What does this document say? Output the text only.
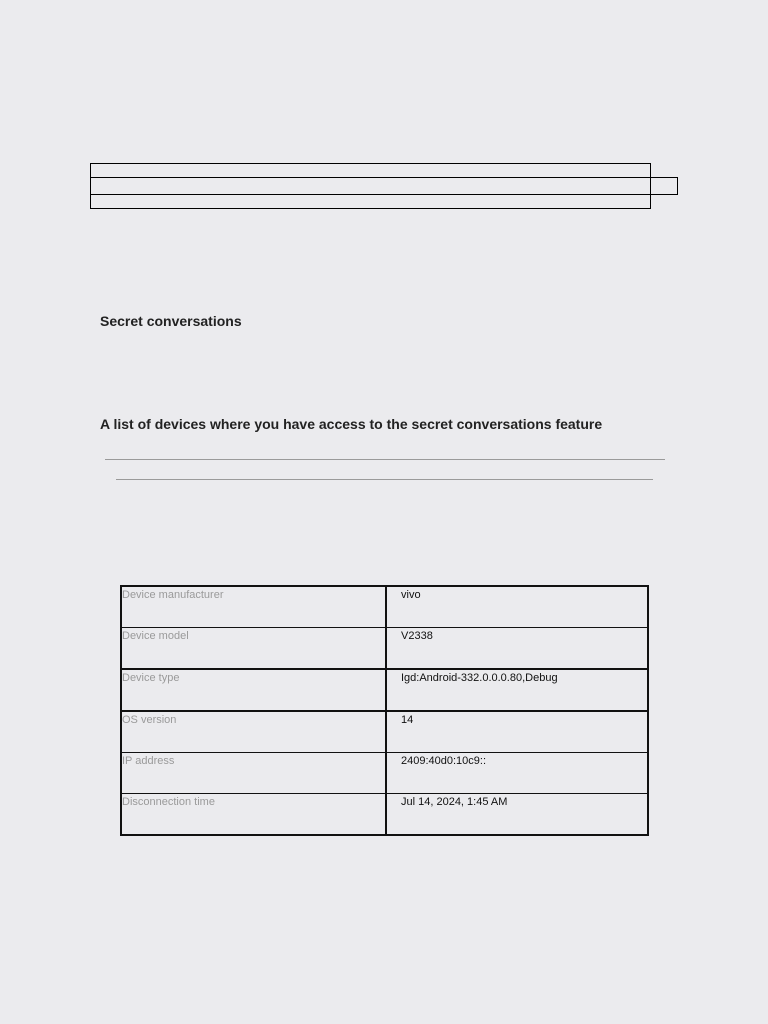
Secret conversations
A list of devices where you have access to the secret conversations feature
Device manufacturer	vivo
Device model	V2338
Device type	Igd:Android-332.0.0.0.80,Debug
OS version	14
IP address	2409:40d0:10c9::
Disconnection time	Jul 14, 2024, 1:45 AM
